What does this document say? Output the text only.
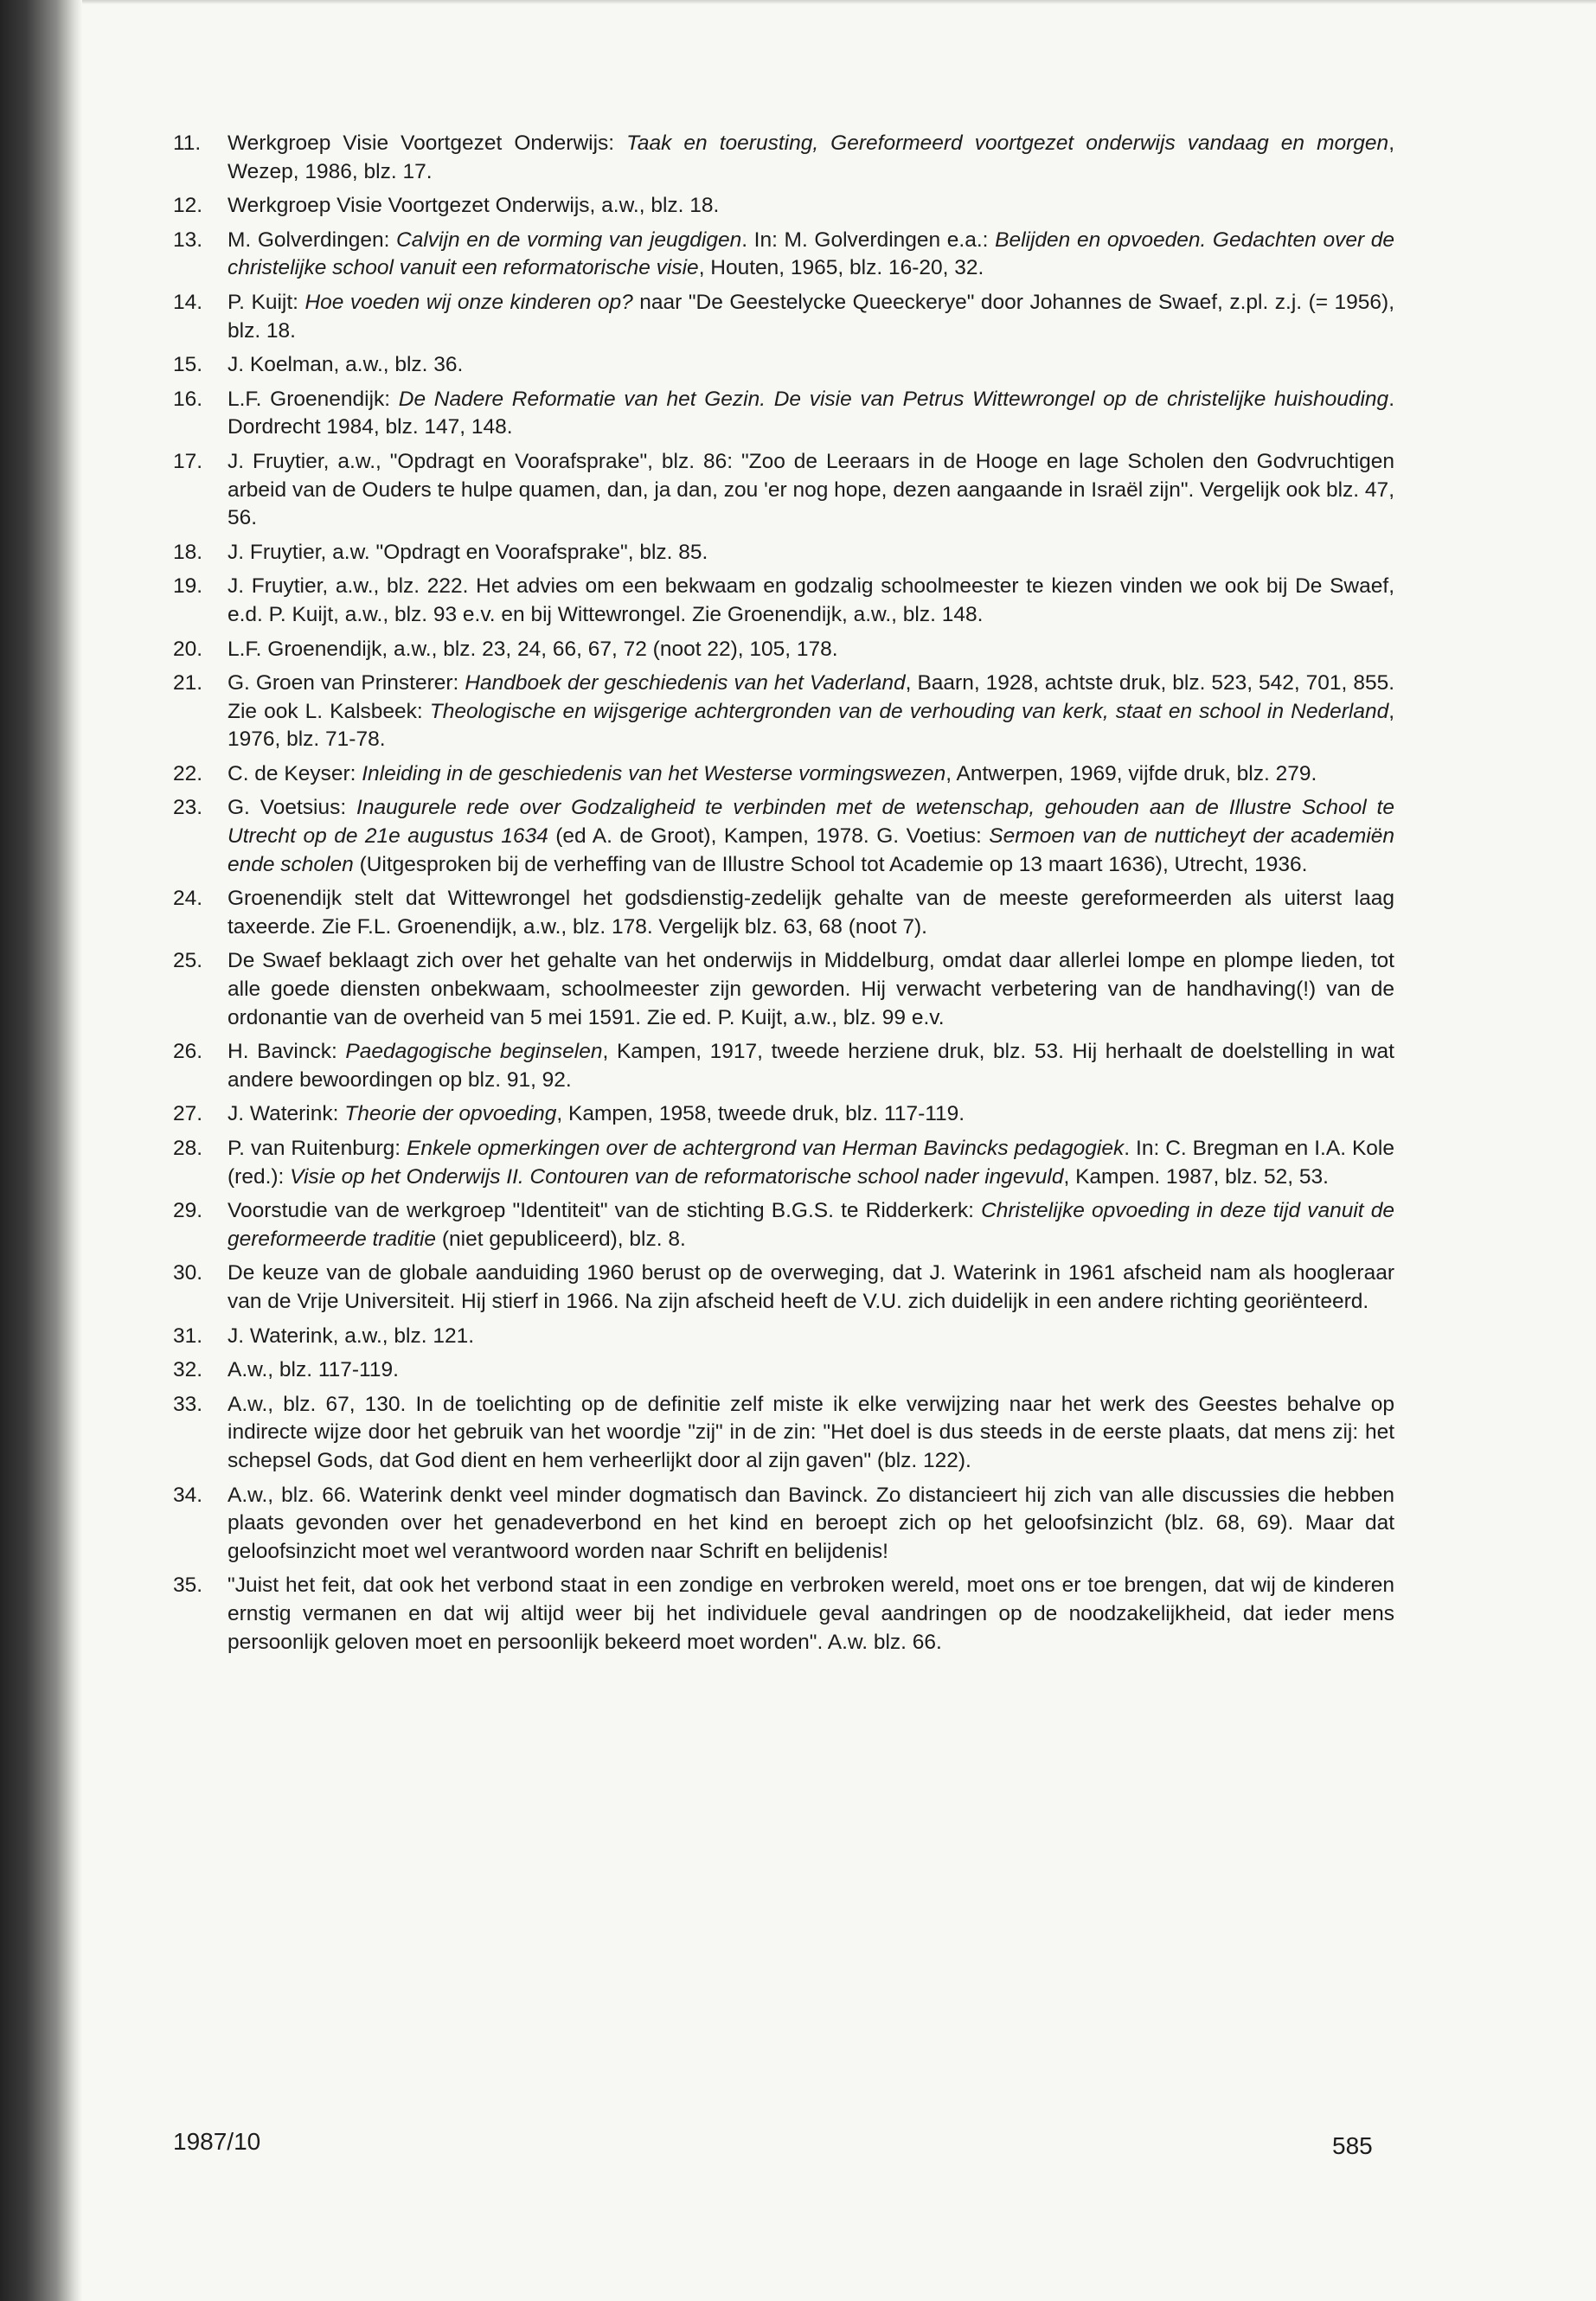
11.	Werkgroep Visie Voortgezet Onderwijs: Taak en toerusting, Gereformeerd voortgezet onderwijs vandaag en morgen, Wezep, 1986, blz. 17.
12.	Werkgroep Visie Voortgezet Onderwijs, a.w., blz. 18.
13.	M. Golverdingen: Calvijn en de vorming van jeugdigen. In: M. Golverdingen e.a.: Belijden en opvoeden. Gedachten over de christelijke school vanuit een reformatorische visie, Houten, 1965, blz. 16-20, 32.
14.	P. Kuijt: Hoe voeden wij onze kinderen op? naar "De Geestelycke Queeckerye" door Johannes de Swaef, z.pl. z.j. (= 1956), blz. 18.
15.	J. Koelman, a.w., blz. 36.
16.	L.F. Groenendijk: De Nadere Reformatie van het Gezin. De visie van Petrus Wittewrongel op de christelijke huishouding. Dordrecht 1984, blz. 147, 148.
17.	J. Fruytier, a.w., "Opdragt en Voorafsprake", blz. 86: "Zoo de Leeraars in de Hooge en lage Scholen den Godvruchtigen arbeid van de Ouders te hulpe quamen, dan, ja dan, zou 'er nog hope, dezen aangaande in Israël zijn". Vergelijk ook blz. 47, 56.
18.	J. Fruytier, a.w. "Opdragt en Voorafsprake", blz. 85.
19.	J. Fruytier, a.w., blz. 222. Het advies om een bekwaam en godzalig schoolmeester te kiezen vinden we ook bij De Swaef, e.d. P. Kuijt, a.w., blz. 93 e.v. en bij Wittewrongel. Zie Groenendijk, a.w., blz. 148.
20.	L.F. Groenendijk, a.w., blz. 23, 24, 66, 67, 72 (noot 22), 105, 178.
21.	G. Groen van Prinsterer: Handboek der geschiedenis van het Vaderland, Baarn, 1928, achtste druk, blz. 523, 542, 701, 855. Zie ook L. Kalsbeek: Theologische en wijsgerige achtergronden van de verhouding van kerk, staat en school in Nederland, 1976, blz. 71-78.
22.	C. de Keyser: Inleiding in de geschiedenis van het Westerse vormingswezen, Antwerpen, 1969, vijfde druk, blz. 279.
23.	G. Voetsius: Inaugurele rede over Godzaligheid te verbinden met de wetenschap, gehouden aan de Illustre School te Utrecht op de 21e augustus 1634 (ed A. de Groot), Kampen, 1978. G. Voetius: Sermoen van de nutticheyt der academiën ende scholen (Uitgesproken bij de verheffing van de Illustre School tot Academie op 13 maart 1636), Utrecht, 1936.
24.	Groenendijk stelt dat Wittewrongel het godsdienstig-zedelijk gehalte van de meeste gereformeerden als uiterst laag taxeerde. Zie F.L. Groenendijk, a.w., blz. 178. Vergelijk blz. 63, 68 (noot 7).
25.	De Swaef beklaagt zich over het gehalte van het onderwijs in Middelburg, omdat daar allerlei lompe en plompe lieden, tot alle goede diensten onbekwaam, schoolmeester zijn geworden. Hij verwacht verbetering van de handhaving(!) van de ordonantie van de overheid van 5 mei 1591. Zie ed. P. Kuijt, a.w., blz. 99 e.v.
26.	H. Bavinck: Paedagogische beginselen, Kampen, 1917, tweede herziene druk, blz. 53. Hij herhaalt de doelstelling in wat andere bewoordingen op blz. 91, 92.
27.	J. Waterink: Theorie der opvoeding, Kampen, 1958, tweede druk, blz. 117-119.
28.	P. van Ruitenburg: Enkele opmerkingen over de achtergrond van Herman Bavincks pedagogiek. In: C. Bregman en I.A. Kole (red.): Visie op het Onderwijs II. Contouren van de reformatorische school nader ingevuld, Kampen. 1987, blz. 52, 53.
29.	Voorstudie van de werkgroep "Identiteit" van de stichting B.G.S. te Ridderkerk: Christelijke opvoeding in deze tijd vanuit de gereformeerde traditie (niet gepubliceerd), blz. 8.
30.	De keuze van de globale aanduiding 1960 berust op de overweging, dat J. Waterink in 1961 afscheid nam als hoogleraar van de Vrije Universiteit. Hij stierf in 1966. Na zijn afscheid heeft de V.U. zich duidelijk in een andere richting georiënteerd.
31.	J. Waterink, a.w., blz. 121.
32.	A.w., blz. 117-119.
33.	A.w., blz. 67, 130. In de toelichting op de definitie zelf miste ik elke verwijzing naar het werk des Geestes behalve op indirecte wijze door het gebruik van het woordje "zij" in de zin: "Het doel is dus steeds in de eerste plaats, dat mens zij: het schepsel Gods, dat God dient en hem verheerlijkt door al zijn gaven" (blz. 122).
34.	A.w., blz. 66. Waterink denkt veel minder dogmatisch dan Bavinck. Zo distancieert hij zich van alle discussies die hebben plaats gevonden over het genadeverbond en het kind en beroept zich op het geloofsinzicht (blz. 68, 69). Maar dat geloofsinzicht moet wel verantwoord worden naar Schrift en belijdenis!
35.	"Juist het feit, dat ook het verbond staat in een zondige en verbroken wereld, moet ons er toe brengen, dat wij de kinderen ernstig vermanen en dat wij altijd weer bij het individuele geval aandringen op de noodzakelijkheid, dat ieder mens persoonlijk geloven moet en persoonlijk bekeerd moet worden". A.w. blz. 66.
1987/10	585
